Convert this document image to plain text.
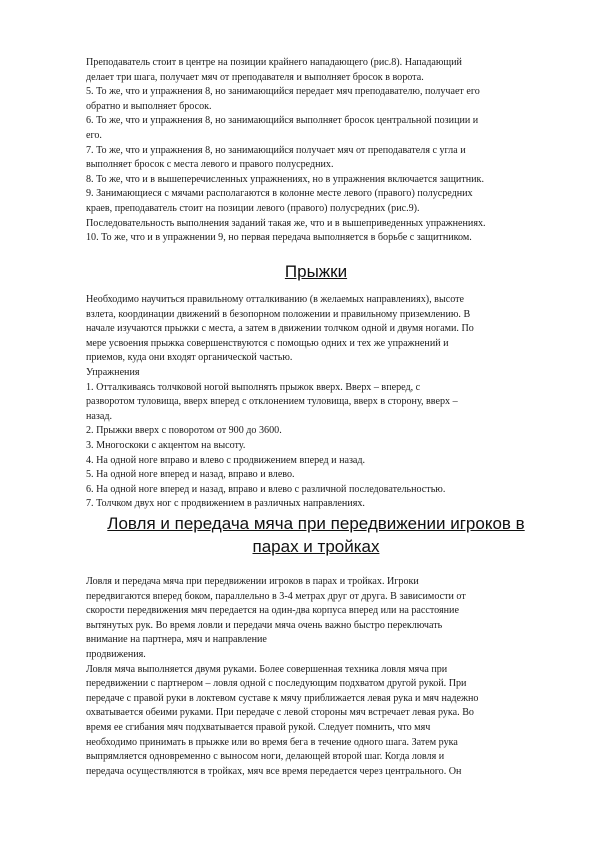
Преподаватель стоит в центре на позиции крайнего нападающего (рис.8). Нападающий

делает три шага, получает мяч от преподавателя и выполняет бросок в ворота.

5. То же, что и упражнения 8, но занимающийся передает мяч преподавателю, получает его

обратно и выполняет бросок.

6. То же, что и упражнения 8, но занимающийся выполняет бросок центральной позиции и

его.

7. То же, что и упражнения 8, но занимающийся получает мяч от преподавателя с угла и

выполняет бросок с места левого и правого полусредних.

8. То же, что и в вышеперечисленных упражнениях, но в упражнения включается защитник.

9. Занимающиеся с мячами располагаются в колонне месте левого (правого) полусредних

краев, преподаватель стоит на позиции левого (правого) полусредних (рис.9).

Последовательность выполнения заданий такая же, что и в вышеприведенных упражнениях.

10. То же, что и в упражнении 9, но первая передача выполняется в борьбе с защитником.

Прыжки

Необходимо научиться правильному отталкиванию (в желаемых направлениях), высоте

взлета, координации движений в безопорном положении и правильному приземлению. В

начале изучаются прыжки с места, а затем в движении толчком одной и двумя ногами. По

мере усвоения прыжка совершенствуются с помощью одних и тех же упражнений и

приемов, куда они входят органической частью.

Упражнения

1. Отталкиваясь толчковой ногой выполнять прыжок вверх. Вверх – вперед, с

разворотом туловища, вверх вперед с отклонением туловища, вверх в сторону, вверх –

назад.

2. Прыжки вверх с поворотом от 900 до 3600.

3. Многоскоки с акцентом на высоту.

4. На одной ноге вправо и влево с продвижением вперед и назад.

5. На одной ноге вперед и назад, вправо и влево.

6. На одной ноге вперед и назад, вправо и влево с различной последовательностью.

7. Толчком двух ног с продвижением в различных направлениях.

Ловля и передача мяча при передвижении игроков в

парах и тройках

Ловля и передача мяча при передвижении игроков в парах и тройках. Игроки

передвигаются вперед боком, параллельно в 3-4 метрах друг от друга. В зависимости от

скорости передвижения мяч передается на один-два корпуса вперед или на расстояние

вытянутых рук. Во время ловли и передачи мяча очень важно быстро переключать

внимание на партнера, мяч и направление

продвижения.

Ловля мяча выполняется двумя руками. Более совершенная техника ловля мяча при

передвижении с партнером – ловля одной с последующим подхватом другой рукой. При

передаче с правой руки в локтевом суставе к мячу приближается левая рука и мяч надежно

охватывается обеими руками. При передаче с левой стороны мяч встречает левая рука. Во

время ее сгибания мяч подхватывается правой рукой. Следует помнить, что мяч

необходимо принимать в прыжке или во время бега в течение одного шага. Затем рука

выпрямляется одновременно с выносом ноги, делающей второй шаг. Когда ловля и

передача осуществляются в тройках, мяч все время передается через центрального. Он
